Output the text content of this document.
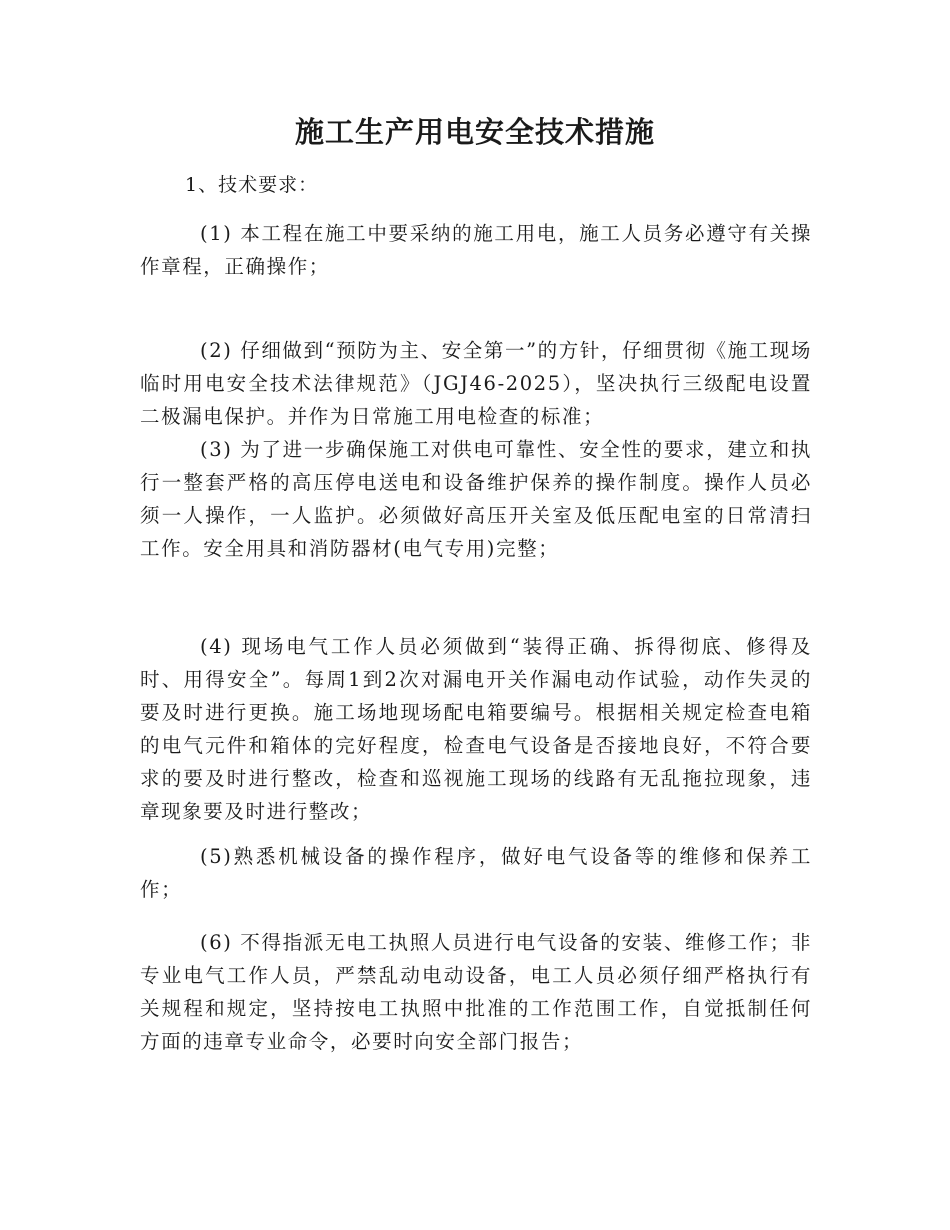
施工生产用电安全技术措施

1、技术要求：

(1) 本工程在施工中要采纳的施工用电，施工人员务必遵守有关操作章程，正确操作；

(2) 仔细做到“预防为主、安全第一”的方针，仔细贯彻《施工现场临时用电安全技术法律规范》（JGJ46-2025），坚决执行三级配电设置二极漏电保护。并作为日常施工用电检查的标准；

(3) 为了进一步确保施工对供电可靠性、安全性的要求，建立和执行一整套严格的高压停电送电和设备维护保养的操作制度。操作人员必须一人操作，一人监护。必须做好高压开关室及低压配电室的日常清扫工作。安全用具和消防器材(电气专用)完整；

(4) 现场电气工作人员必须做到“装得正确、拆得彻底、修得及时、用得安全”。每周1到2次对漏电开关作漏电动作试验，动作失灵的要及时进行更换。施工场地现场配电箱要编号。根据相关规定检查电箱的电气元件和箱体的完好程度，检查电气设备是否接地良好，不符合要求的要及时进行整改，检查和巡视施工现场的线路有无乱拖拉现象，违章现象要及时进行整改；

(5)熟悉机械设备的操作程序，做好电气设备等的维修和保养工作；

(6) 不得指派无电工执照人员进行电气设备的安装、维修工作；非专业电气工作人员，严禁乱动电动设备，电工人员必须仔细严格执行有关规程和规定，坚持按电工执照中批准的工作范围工作，自觉抵制任何方面的违章专业命令，必要时向安全部门报告；
